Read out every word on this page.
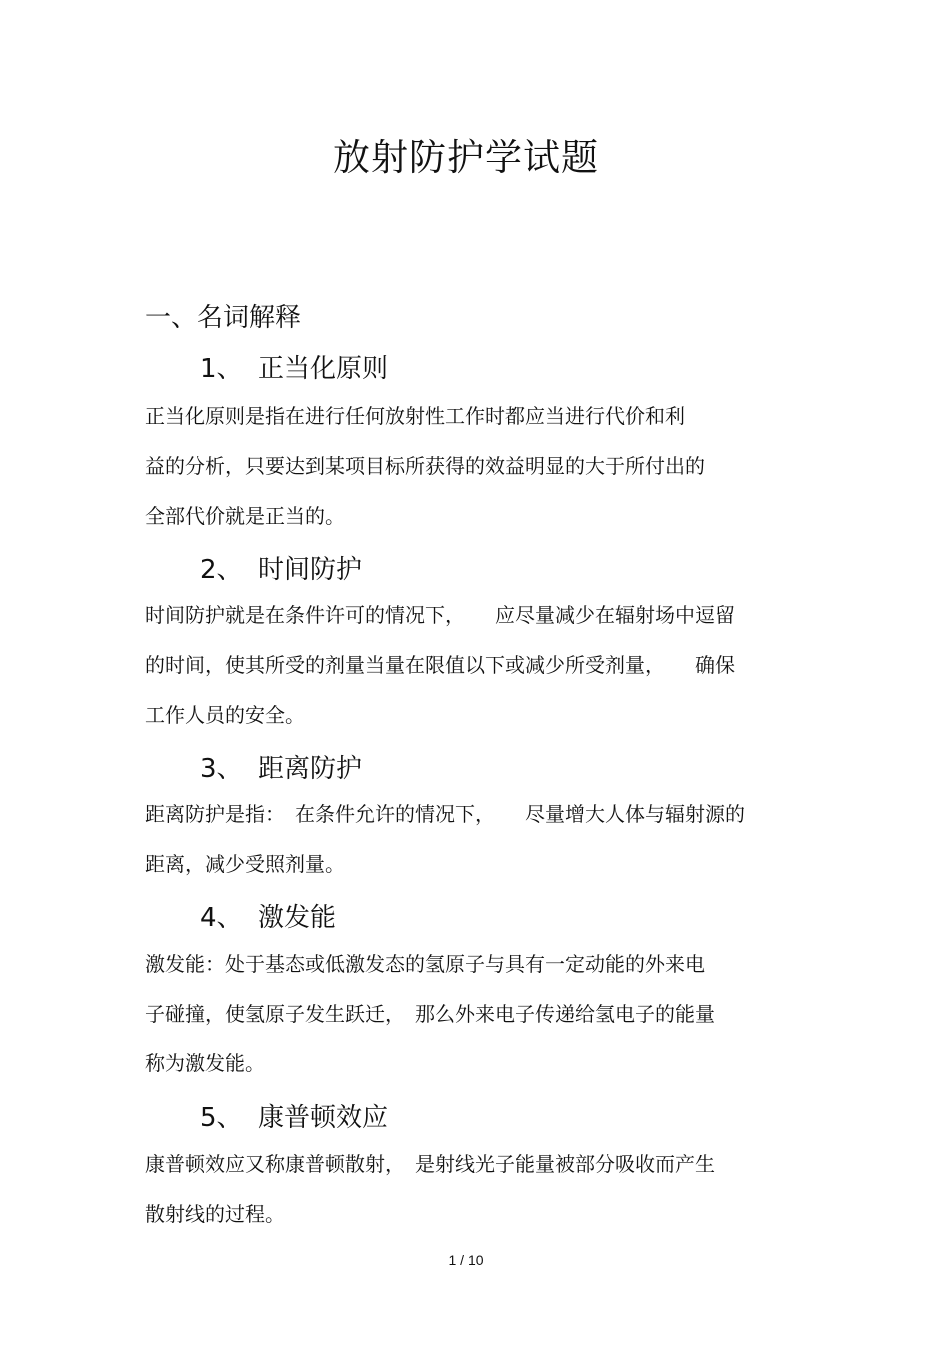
放射防护学试题
一、名词解释
1、 正当化原则

正当化原则是指在进行任何放射性工作时都应当进行代价和利

益的分析，只要达到某项目标所获得的效益明显的大于所付出的

全部代价就是正当的。

2、 时间防护

时间防护就是在条件许可的情况下，　　应尽量减少在辐射场中逗留

的时间，使其所受的剂量当量在限值以下或减少所受剂量，　　确保

工作人员的安全。

3、 距离防护

距离防护是指：　在条件允许的情况下，　　尽量增大人体与辐射源的

距离，减少受照剂量。

4、 激发能

激发能：处于基态或低激发态的氢原子与具有一定动能的外来电

子碰撞，使氢原子发生跃迁，　那么外来电子传递给氢电子的能量

称为激发能。

5、 康普顿效应

康普顿效应又称康普顿散射，　是射线光子能量被部分吸收而产生

散射线的过程。

1 / 10
